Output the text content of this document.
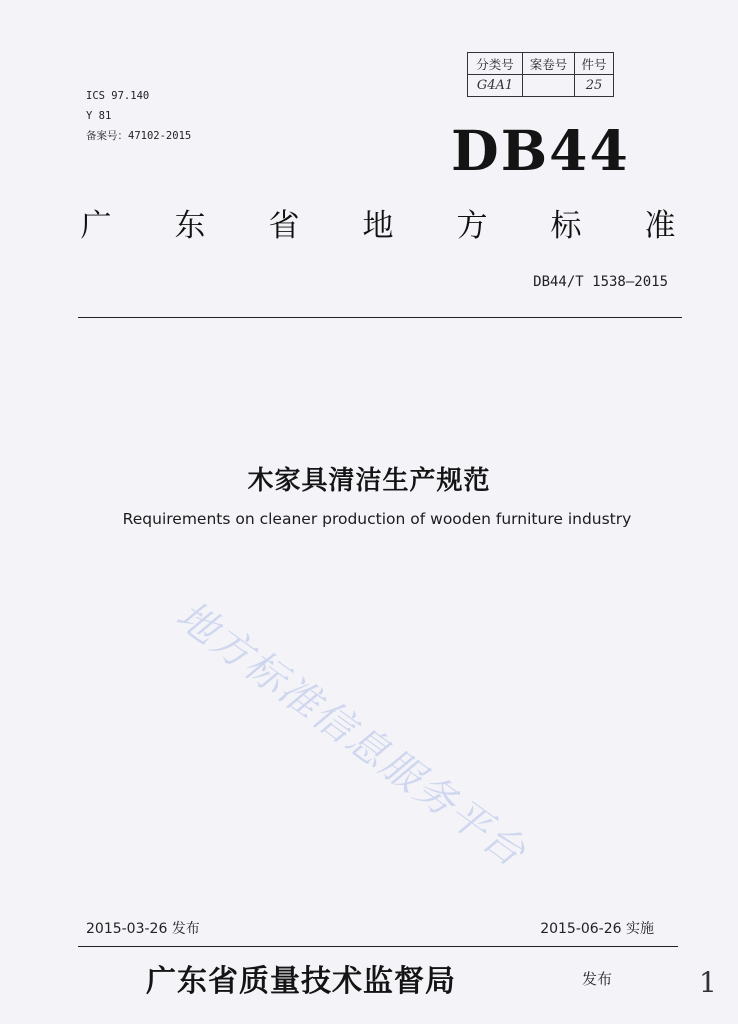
ICS 97.140
Y 81
备案号：47102-2015
分类号	案卷号	件号
G4A1		25
DB44
广 东 省 地 方 标 准
DB44/T 1538—2015
木家具清洁生产规范
Requirements on cleaner production of wooden furniture industry
地方标准信息服务平台
2015-03-26 发布	2015-06-26 实施
广东省质量技术监督局	发布	1
